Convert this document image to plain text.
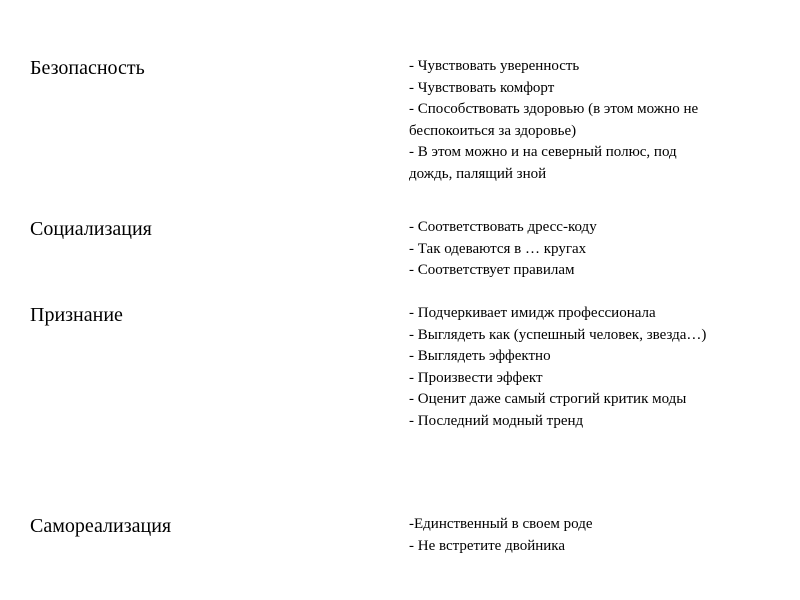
Безопасность	- Чувствовать уверенность
- Чувствовать комфорт
- Способствовать здоровью (в этом можно не
беспокоиться за здоровье)
- В этом можно и на северный полюс, под
дождь, палящий зной
Социализация	- Соответствовать дресс-коду
- Так одеваются в … кругах
- Соответствует правилам
Признание	- Подчеркивает имидж профессионала
- Выглядеть как (успешный человек, звезда…)
- Выглядеть эффектно
- Произвести эффект
- Оценит даже самый строгий критик моды
- Последний модный тренд
Самореализация	-Единственный в своем роде
- Не встретите двойника
